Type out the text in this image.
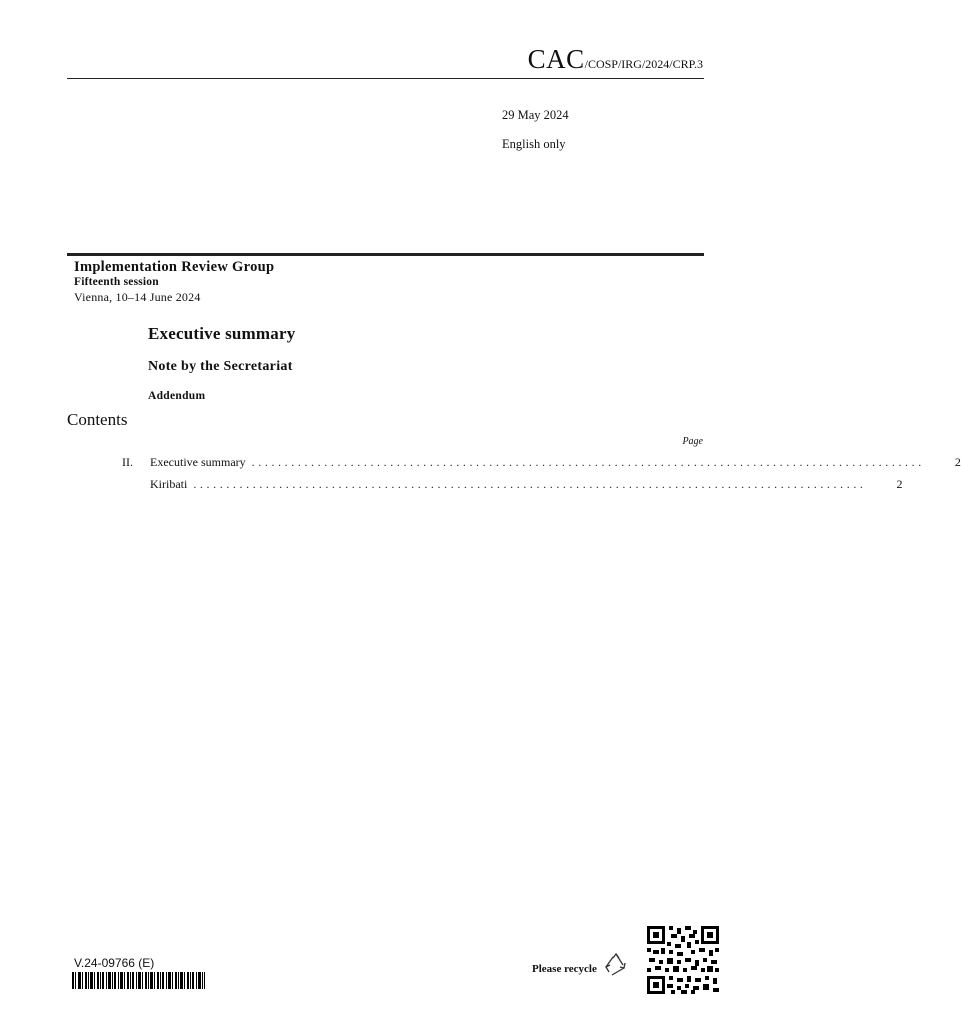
CAC/COSP/IRG/2024/CRP.3
29 May 2024
English only
Implementation Review Group
Fifteenth session
Vienna, 10–14 June 2024
Executive summary
Note by the Secretariat
Addendum
Contents
Page
II.	Executive summary ......................................................................................................	2
Kiribati ......................................................................................................	2
V.24-09766 (E)	Please recycle
